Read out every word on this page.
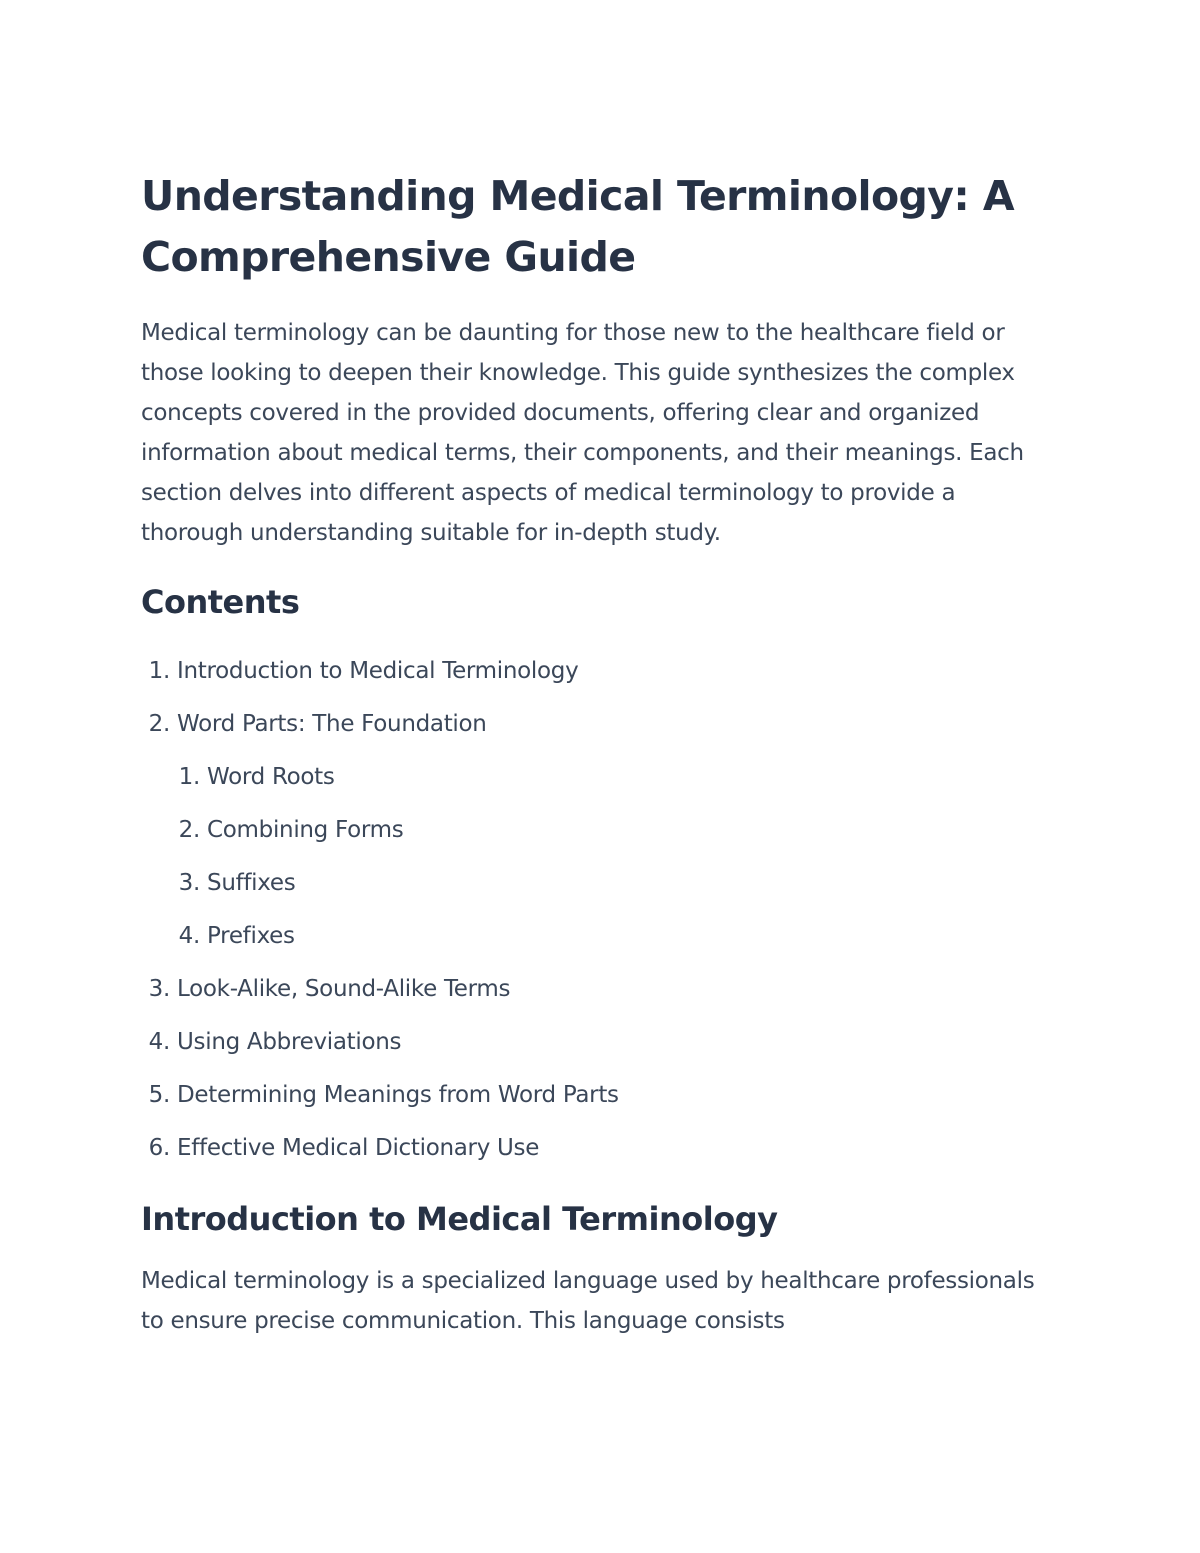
Understanding Medical Terminology: A Comprehensive Guide

Medical terminology can be daunting for those new to the healthcare field or those looking to deepen their knowledge. This guide synthesizes the complex concepts covered in the provided documents, offering clear and organized information about medical terms, their components, and their meanings. Each section delves into different aspects of medical terminology to provide a thorough understanding suitable for in-depth study.

Contents
1. Introduction to Medical Terminology
2. Word Parts: The Foundation
1. Word Roots
2. Combining Forms
3. Suffixes
4. Prefixes
3. Look-Alike, Sound-Alike Terms
4. Using Abbreviations
5. Determining Meanings from Word Parts
6. Effective Medical Dictionary Use
Introduction to Medical Terminology

Medical terminology is a specialized language used by healthcare professionals to ensure precise communication. This language consists
